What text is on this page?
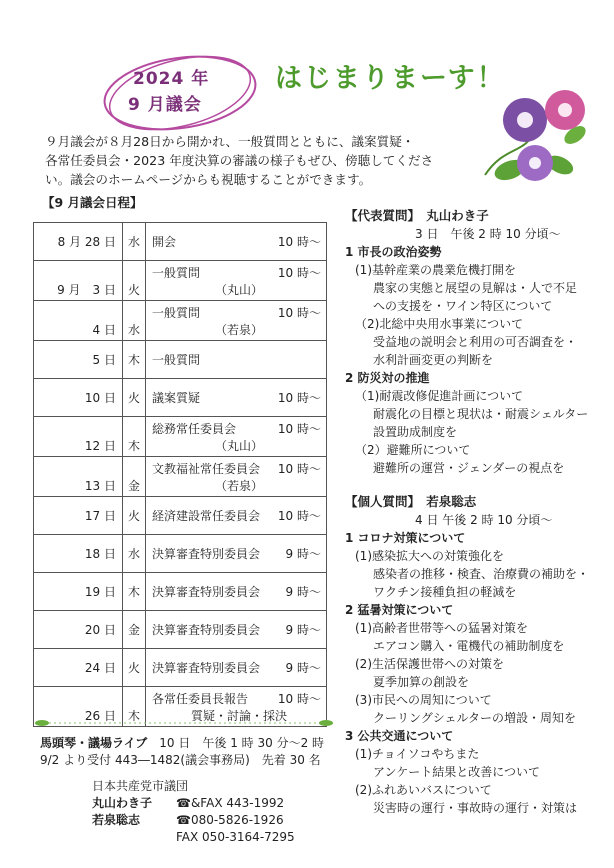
2024 年
9 月議会
はじまりまーす！

９月議会が８月28日から開かれ、一般質問とともに、議案質疑・

各常任委員会・2023 年度決算の審議の様子もぜひ、傍聴してくださ

い。議会のホームページからも視聴することができます。

【9 月議会日程】
8 月 28 日	水	開会 10 時～

9 月　3 日	火	一般質問 10 時～
（丸山）

4 日	水	一般質問 10 時～
（若泉）

5 日	木	一般質問

10 日	火	議案質疑 10 時～

12 日	木	総務常任委員会 10 時～
（丸山）

13 日	金	文教福祉常任委員会 10 時～
（若泉）

17 日	火	経済建設常任委員会 10 時～

18 日	水	決算審査特別委員会 9 時～

19 日	木	決算審査特別委員会 9 時～

20 日	金	決算審査特別委員会 9 時～

24 日	火	決算審査特別委員会 9 時～

26 日	木	各常任委員長報告 10 時～
質疑・討論・採決
馬頭琴・議場ライブ　 10 日　 午後 1 時 30 分～2 時
9/2 より受付 443―1482(議会事務局)　先着 30 名
日本共産党市議団
丸山わき子	☎&FAX 443-1992
若泉聡志	☎080-5826-1926
FAX 050-3164-7295
【代表質問】　丸山わき子
3 日　午後 2 時 10 分頃～
1 市長の政治姿勢
(1)基幹産業の農業危機打開を
農家の実態と展望の見解は・人で不足
への支援を・ワイン特区について
（2)北総中央用水事業について
受益地の説明会と利用の可否調査を・
水利計画変更の判断を
2 防災対の推進
（1)耐震改修促進計画について
耐震化の目標と現状は・耐震シェルター
設置助成制度を
（2）避難所について
避難所の運営・ジェンダーの視点を
【個人質問】　若泉聡志
4 日 午後 2 時 10 分頃～
1 コロナ対策について
(1)感染拡大への対策強化を
感染者の推移・検査、治療費の補助を・
ワクチン接種負担の軽減を
2 猛暑対策について
(1)高齢者世帯等への猛暑対策を
エアコン購入・電機代の補助制度を
(2)生活保護世帯への対策を
夏季加算の創設を
(3)市民への周知について
クーリングシェルターの増設・周知を
3 公共交通について
(1)チョイソコやちまた
アンケート結果と改善について
(2)ふれあいバスについて
災害時の運行・事故時の運行・対策は
